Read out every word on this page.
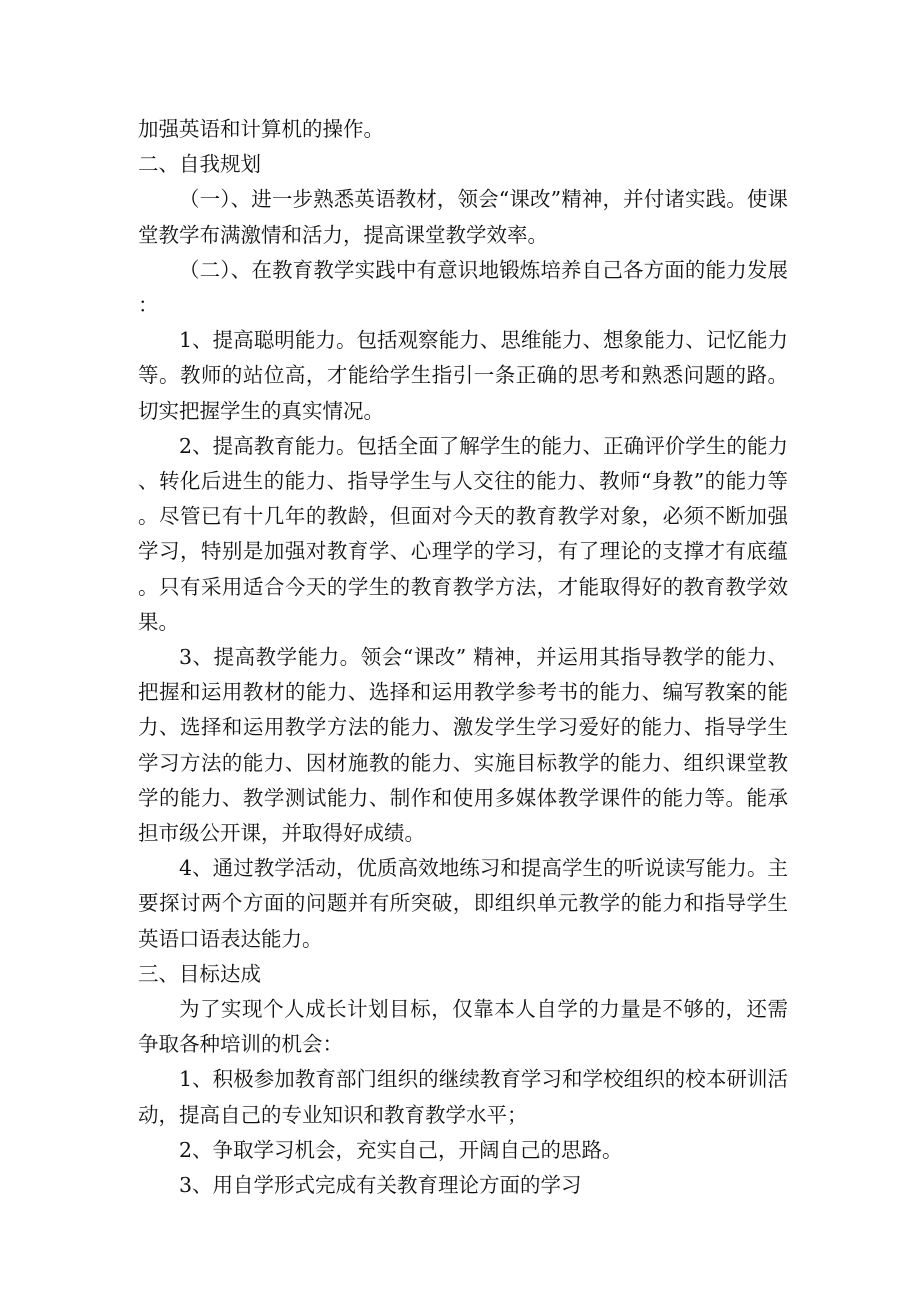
加强英语和计算机的操作。

二、自我规划

（一）、进一步熟悉英语教材，领会“课改”精神，并付诸实践。使课堂教学布满激情和活力，提高课堂教学效率。

（二）、在教育教学实践中有意识地锻炼培养自己各方面的能力发展：

1、提高聪明能力。包括观察能力、思维能力、想象能力、记忆能力等。教师的站位高，才能给学生指引一条正确的思考和熟悉问题的路。切实把握学生的真实情况。

2、提高教育能力。包括全面了解学生的能力、正确评价学生的能力、转化后进生的能力、指导学生与人交往的能力、教师“身教”的能力等。尽管已有十几年的教龄，但面对今天的教育教学对象，必须不断加强学习，特别是加强对教育学、心理学的学习，有了理论的支撑才有底蕴。只有采用适合今天的学生的教育教学方法，才能取得好的教育教学效果。

3、提高教学能力。领会“课改” 精神，并运用其指导教学的能力、把握和运用教材的能力、选择和运用教学参考书的能力、编写教案的能力、选择和运用教学方法的能力、激发学生学习爱好的能力、指导学生学习方法的能力、因材施教的能力、实施目标教学的能力、组织课堂教学的能力、教学测试能力、制作和使用多媒体教学课件的能力等。能承担市级公开课，并取得好成绩。

4、通过教学活动，优质高效地练习和提高学生的听说读写能力。主要探讨两个方面的问题并有所突破，即组织单元教学的能力和指导学生英语口语表达能力。

三、目标达成

为了实现个人成长计划目标，仅靠本人自学的力量是不够的，还需争取各种培训的机会：

1、积极参加教育部门组织的继续教育学习和学校组织的校本研训活动，提高自己的专业知识和教育教学水平；

2、争取学习机会，充实自己，开阔自己的思路。

3、用自学形式完成有关教育理论方面的学习
